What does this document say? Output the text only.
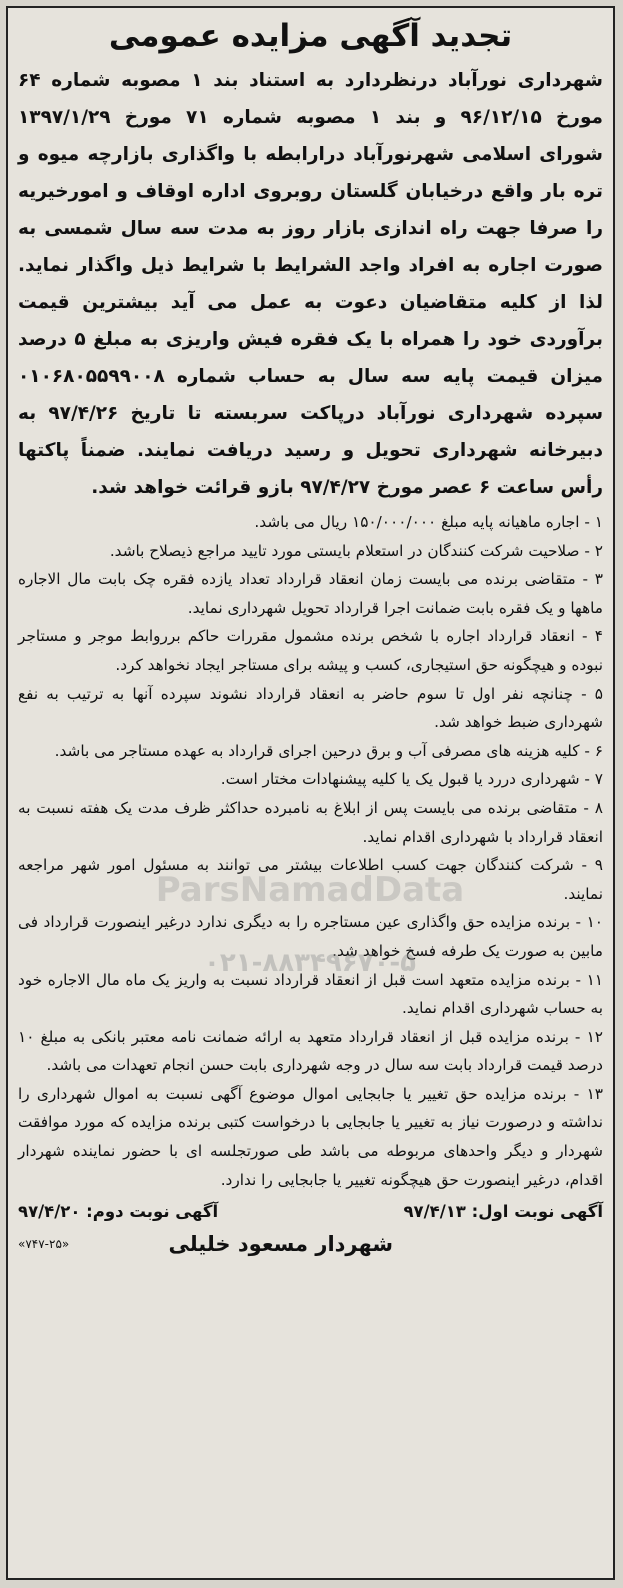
تجدید آگهی مزایده عمومی

شهرداری نورآباد درنظردارد به استناد بند ۱ مصوبه شماره ۶۴ مورخ ۹۶/۱۲/۱۵ و بند ۱ مصوبه شماره ۷۱ مورخ ۱۳۹۷/۱/۲۹ شورای اسلامی شهرنورآباد درارابطه با واگذاری بازارچه میوه و تره بار واقع درخیابان گلستان روبروی اداره اوقاف و امورخیریه را صرفا جهت راه اندازی بازار روز به مدت سه سال شمسی به صورت اجاره به افراد واجد الشرایط با شرایط ذیل واگذار نماید. لذا از کلیه متقاضیان دعوت به عمل می آید بیشترین قیمت برآوردی خود را همراه با یک فقره فیش واریزی به مبلغ ۵ درصد میزان قیمت پایه سه سال به حساب شماره ۰۱۰۶۸۰۵۵۹۹۰۰۸ سپرده شهرداری نورآباد درپاکت سربسته تا تاریخ ۹۷/۴/۲۶ به دبیرخانه شهرداری تحویل و رسید دریافت نمایند. ضمناً پاکتها رأس ساعت ۶ عصر مورخ ۹۷/۴/۲۷ بازو قرائت خواهد شد.

۱ - اجاره ماهیانه پایه مبلغ ۱۵۰/۰۰۰/۰۰۰ ریال می باشد.

۲ - صلاحیت شرکت کنندگان در استعلام بایستی مورد تایید مراجع ذیصلاح باشد.

۳ - متقاضی برنده می بایست زمان انعقاد قرارداد تعداد یازده فقره چک بابت مال الاجاره ماهها و یک فقره بابت ضمانت اجرا قرارداد تحویل شهرداری نماید.

۴ - انعقاد قرارداد اجاره با شخص برنده مشمول مقررات حاکم برروابط موجر و مستاجر نبوده و هیچگونه حق استیجاری، کسب و پیشه برای مستاجر ایجاد نخواهد کرد.

۵ - چنانچه نفر اول تا سوم حاضر به انعقاد قرارداد نشوند سپرده آنها به ترتیب به نفع شهرداری ضبط خواهد شد.

۶ - کلیه هزینه های مصرفی آب و برق درحین اجرای قرارداد به عهده مستاجر می باشد.

۷ - شهرداری دررد یا قبول یک یا کلیه پیشنهادات مختار است.

۸ - متقاضی برنده می بایست پس از ابلاغ به نامبرده حداکثر ظرف مدت یک هفته نسبت به انعقاد قرارداد با شهرداری اقدام نماید.

۹ - شرکت کنندگان جهت کسب اطلاعات بیشتر می توانند به مسئول امور شهر مراجعه نمایند.

۱۰ - برنده مزایده حق واگذاری عین مستاجره را به دیگری ندارد درغیر اینصورت قرارداد فی مابین به صورت یک طرفه فسخ خواهد شد.

۱۱ - برنده مزایده متعهد است قبل از انعقاد قرارداد نسبت به واریز یک ماه مال الاجاره خود به حساب شهرداری اقدام نماید.

۱۲ - برنده مزایده قبل از انعقاد قرارداد متعهد به ارائه ضمانت نامه معتبر بانکی به مبلغ ۱۰ درصد قیمت قرارداد بابت سه سال در وجه شهرداری بابت حسن انجام تعهدات می باشد.

۱۳ - برنده مزایده حق تغییر یا جابجایی اموال موضوع آگهی نسبت به اموال شهرداری را نداشته و درصورت نیاز به تغییر یا جابجایی با درخواست کتبی برنده مزایده که مورد موافقت شهردار و دیگر واحدهای مربوطه می باشد طی صورتجلسه ای با حضور نماینده شهردار اقدام، درغیر اینصورت حق هیچگونه تغییر یا جابجایی را ندارد.

آگهی نوبت اول: ۹۷/۴/۱۳
آگهی نوبت دوم: ۹۷/۴/۲۰
شهردار مسعود خلیلی
«۷۴۷-۲۵»
ParsNamadData
۰۲۱-۸۸۳۴۹۶۷۰-۵
